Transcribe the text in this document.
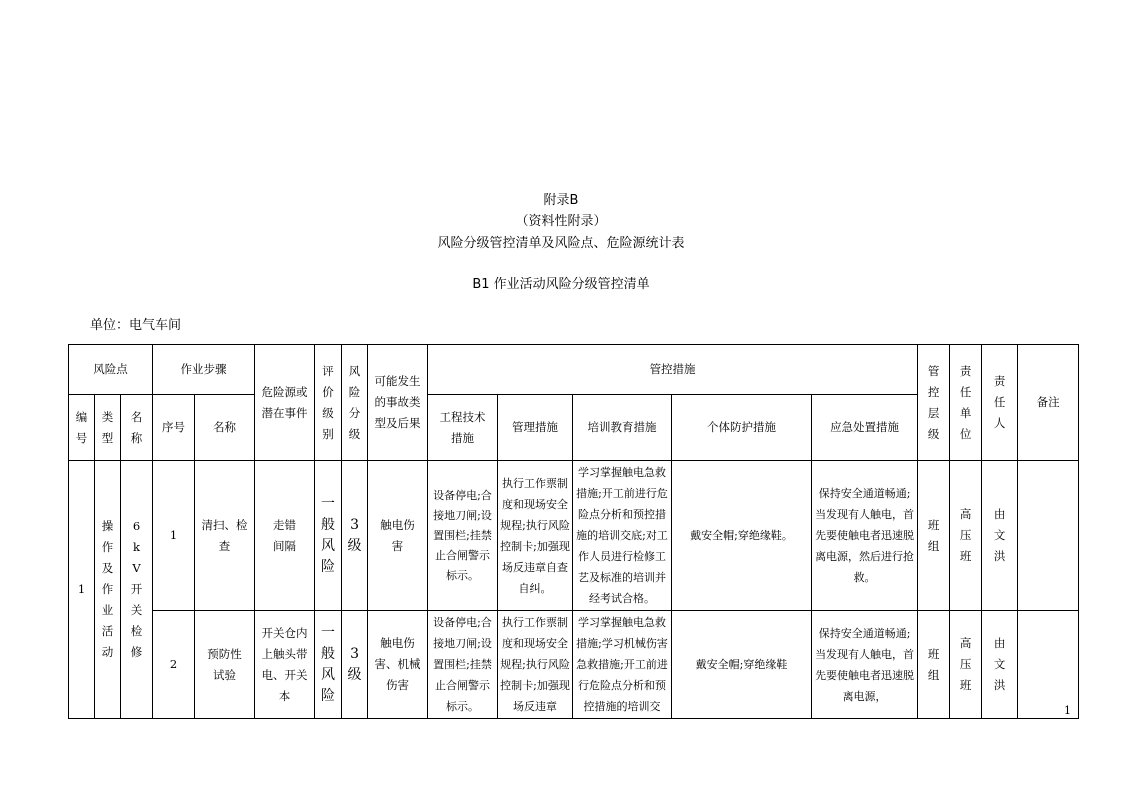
附录B
（资料性附录）
风险分级管控清单及风险点、危险源统计表
B1 作业活动风险分级管控清单
单位：电气车间
风险点			作业步骤		危险源或潜在事件	评价级别	风险分级	可能发生的事故类型及后果	管控措施					管控层级	责任单位	责任人	备注

编号	类型	名称	序号	名称					工程技术措施	管理措施	培训教育措施	个体防护措施	应急处置措施				
1	操作及作业活动	6kV开关检修	1	清扫、检查	走错间隔	一般风险	3级	触电伤害	设备停电;合接地刀闸;设置围栏;挂禁止合闸警示标示。	执行工作票制度和现场安全规程;执行风险控制卡;加强现场反违章自查自纠。	学习掌握触电急救措施;开工前进行危险点分析和预控措施的培训交底;对工作人员进行检修工艺及标准的培训并经考试合格。	戴安全帽;穿绝缘鞋。	保持安全通道畅通;当发现有人触电，首先要使触电者迅速脱离电源，然后进行抢救。	班组	高压班	由文洪	

			2	预防性试验	开关仓内上触头带电、开关本	一般风险	3级	触电伤害、机械伤害	设备停电;合接地刀闸;设置围栏;挂禁止合闸警示标示。	执行工作票制度和现场安全规程;执行风险控制卡;加强现场反违章	学习掌握触电急救措施;学习机械伤害急救措施;开工前进行危险点分析和预控措施的培训交	戴安全帽;穿绝缘鞋	保持安全通道畅通;当发现有人触电，首先要使触电者迅速脱离电源，	班组	高压班	由文洪	

1
